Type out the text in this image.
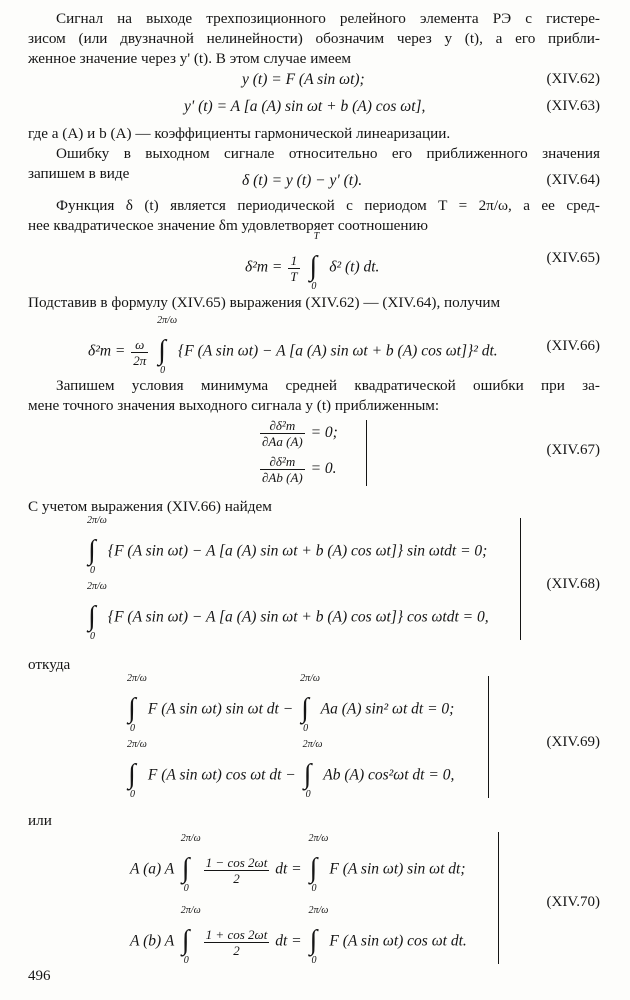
Сигнал на выходе трехпозиционного релейного элемента РЭ с гистере-
зисом (или двузначной нелинейности) обозначим через y (t), а его прибли-
женное значение через y' (t). В этом случае имеем
y (t) = F (A sin ωt);	(XIV.62)
y' (t) = A [a (A) sin ωt + b (A) cos ωt],	(XIV.63)
где a (A) и b (A) — коэффициенты гармонической линеаризации.
Ошибку в выходном сигнале относительно его приближенного значения
запишем в виде	δ (t) = y (t) − y' (t).	(XIV.64)
Функция δ (t) является периодической с периодом T = 2π/ω, а ее сред-
нее квадратическое значение δm удовлетворяет соотношению
$\delta^2m = \frac{1}{T}$

T
∫
0
δ² (t) dt.
(XIV.65)
Подставив в формулу (XIV.65) выражения (XIV.62) — (XIV.64), получим
$\delta^2m = \frac{\omega}{2\pi}$

2π/ω
∫
0
{F (A sin ωt) − A [a (A) sin ωt + b (A) cos ωt]}² dt.	(XIV.66)
Запишем условия минимума средней квадратической ошибки при за-
мене точного значения выходного сигнала y (t) приближенным:
$\frac{\text{∂δ²m}}{\partial Aa (A)} = 0$;
$\frac{\text{∂δ²m}}{\partial Ab (A)} = 0$.
(XIV.67)
С учетом выражения (XIV.66) найдем
2π/ω
∫
0
{F (A sin ωt) − A [a (A) sin ωt + b (A) cos ωt]} sin ωtdt = 0;
2π/ω
∫
0
{F (A sin ωt) − A [a (A) sin ωt + b (A) cos ωt]} cos ωtdt = 0,
(XIV.68)
откуда
2π/ω
∫
0
F (A sin ωt) sin ωt dt −
2π/ω
∫
0
Aa (A) sin² ωt dt = 0;
2π/ω
∫
0
F (A sin ωt) cos ωt dt −
2π/ω
∫
0
Ab (A) cos²ωt dt = 0,
(XIV.69)
или
A (a) A
2π/ω
∫
0

$\frac{1 - \cos 2\omega t}{2}$ dt =
2π/ω
∫
0
F (A sin ωt) sin ωt dt;
A (b) A
2π/ω
∫
0

$\frac{1 + \cos 2\omega t}{2}$ dt =
2π/ω
∫
0
F (A sin ωt) cos ωt dt.
(XIV.70)
496
